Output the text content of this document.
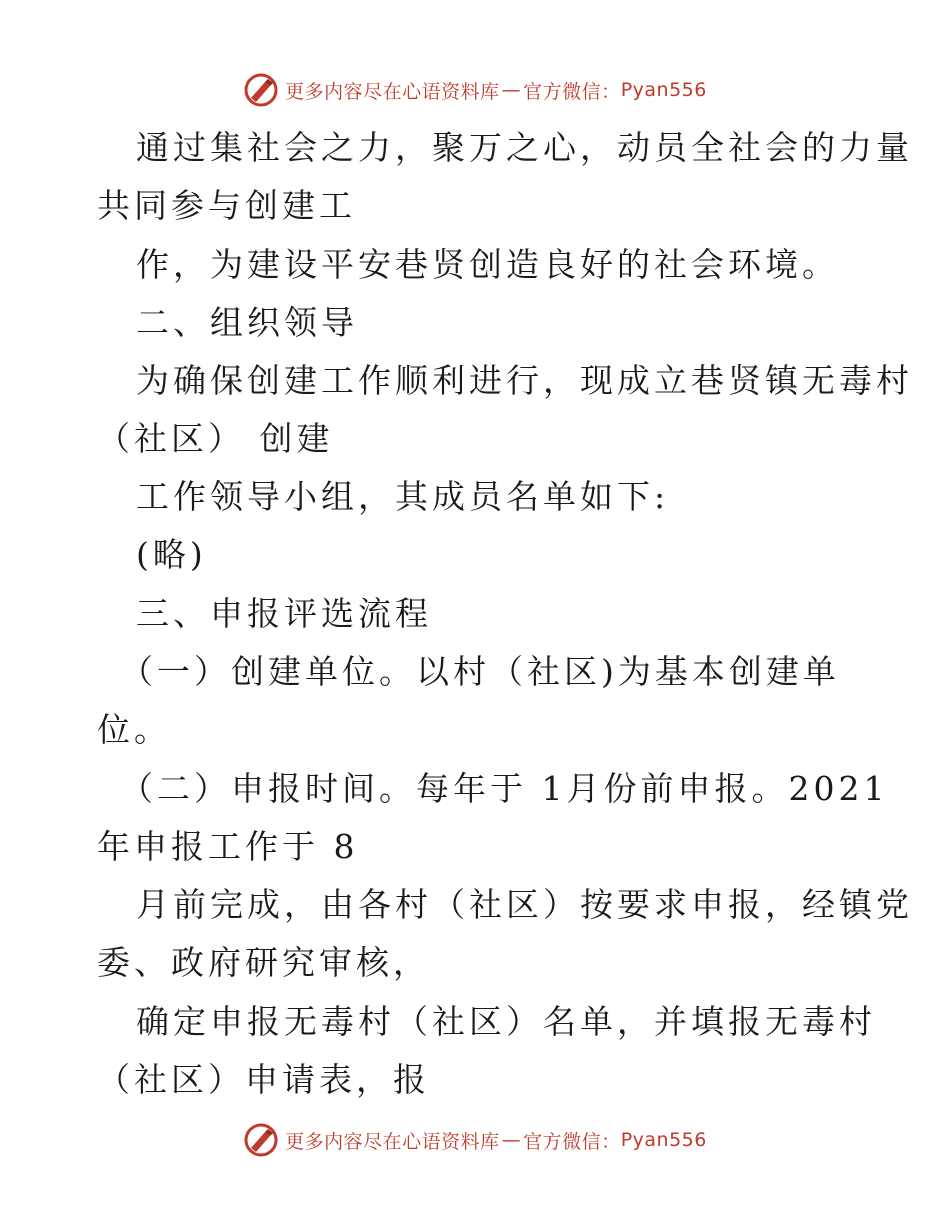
更多内容尽在心语资料库 — 官方微信： Pyan556
通过集社会之力，聚万之心，动员全社会的力量
共同参与创建工
作，为建设平安巷贤创造良好的社会环境。
二、组织领导
为确保创建工作顺利进行，现成立巷贤镇无毒村
（社区） 创建
工作领导小组，其成员名单如下:
(略)
三、申报评选流程
（一）创建单位。以村（社区)为基本创建单
位。
（二）申报时间。每年于 1月份前申报。2021
年申报工作于 8
月前完成，由各村（社区）按要求申报，经镇党
委、政府研究审核，
确定申报无毒村（社区）名单，并填报无毒村
（社区）申请表，报
更多内容尽在心语资料库 — 官方微信： Pyan556
